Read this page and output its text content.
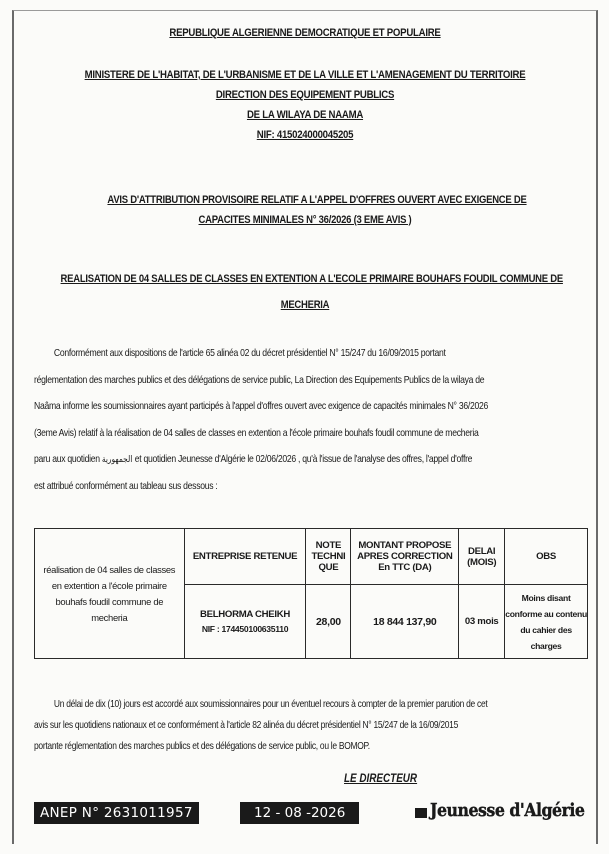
REPUBLIQUE ALGERIENNE DEMOCRATIQUE ET POPULAIRE
MINISTERE DE L'HABITAT, DE L'URBANISME ET DE LA VILLE ET L'AMENAGEMENT DU TERRITOIRE
DIRECTION DES EQUIPEMENT PUBLICS
DE LA WILAYA DE NAAMA
NIF: 415024000045205
AVIS D'ATTRIBUTION PROVISOIRE RELATIF A L'APPEL D'OFFRES OUVERT AVEC EXIGENCE DE
CAPACITES MINIMALES N° 36/2026 (3 EME AVIS )
REALISATION DE 04 SALLES DE CLASSES EN EXTENTION A L'ECOLE PRIMAIRE BOUHAFS FOUDIL COMMUNE DE
MECHERIA
Conformément aux dispositions de l'article 65 alinéa 02 du décret présidentiel N° 15/247 du 16/09/2015 portant
réglementation des marches publics et des délégations de service public, La Direction des Equipements Publics de la wilaya de
Naâma informe les soumissionnaires ayant participés à l'appel d'offres ouvert avec exigence de capacités minimales N° 36/2026
(3eme Avis) relatif à la réalisation de 04 salles de classes en extention a l'école primaire bouhafs foudil commune de mecheria
paru aux quotidien الجمهورية et quotidien Jeunesse d'Algérie le 02/06/2026 , qu'à l'issue de l'analyse des offres, l'appel d'offre
est attribué conformément au tableau sus dessous :
réalisation de 04 salles de classes en extention a l'école primaire bouhafs foudil commune de mecheria	ENTREPRISE RETENUE	NOTE TECHNI QUE	MONTANT PROPOSE APRES CORRECTION En TTC (DA)	DELAI (MOIS)	OBS

	BELHORMA CHEIKH
NIF : 174450100635110	28,00	18 844 137,90	03 mois	Moins disant conforme au contenu du cahier des charges
Un délai de dix (10) jours est accordé aux soumissionnaires pour un éventuel recours à compter de la premier parution de cet
avis sur les quotidiens nationaux et ce conformément à l'article 82 alinéa du décret présidentiel N° 15/247 de la 16/09/2015
portante réglementation des marches publics et des délégations de service public, ou le BOMOP.
LE DIRECTEUR
ANEP N° 2631011957	12 - 08 -2026	Jeunesse d'Algérie
